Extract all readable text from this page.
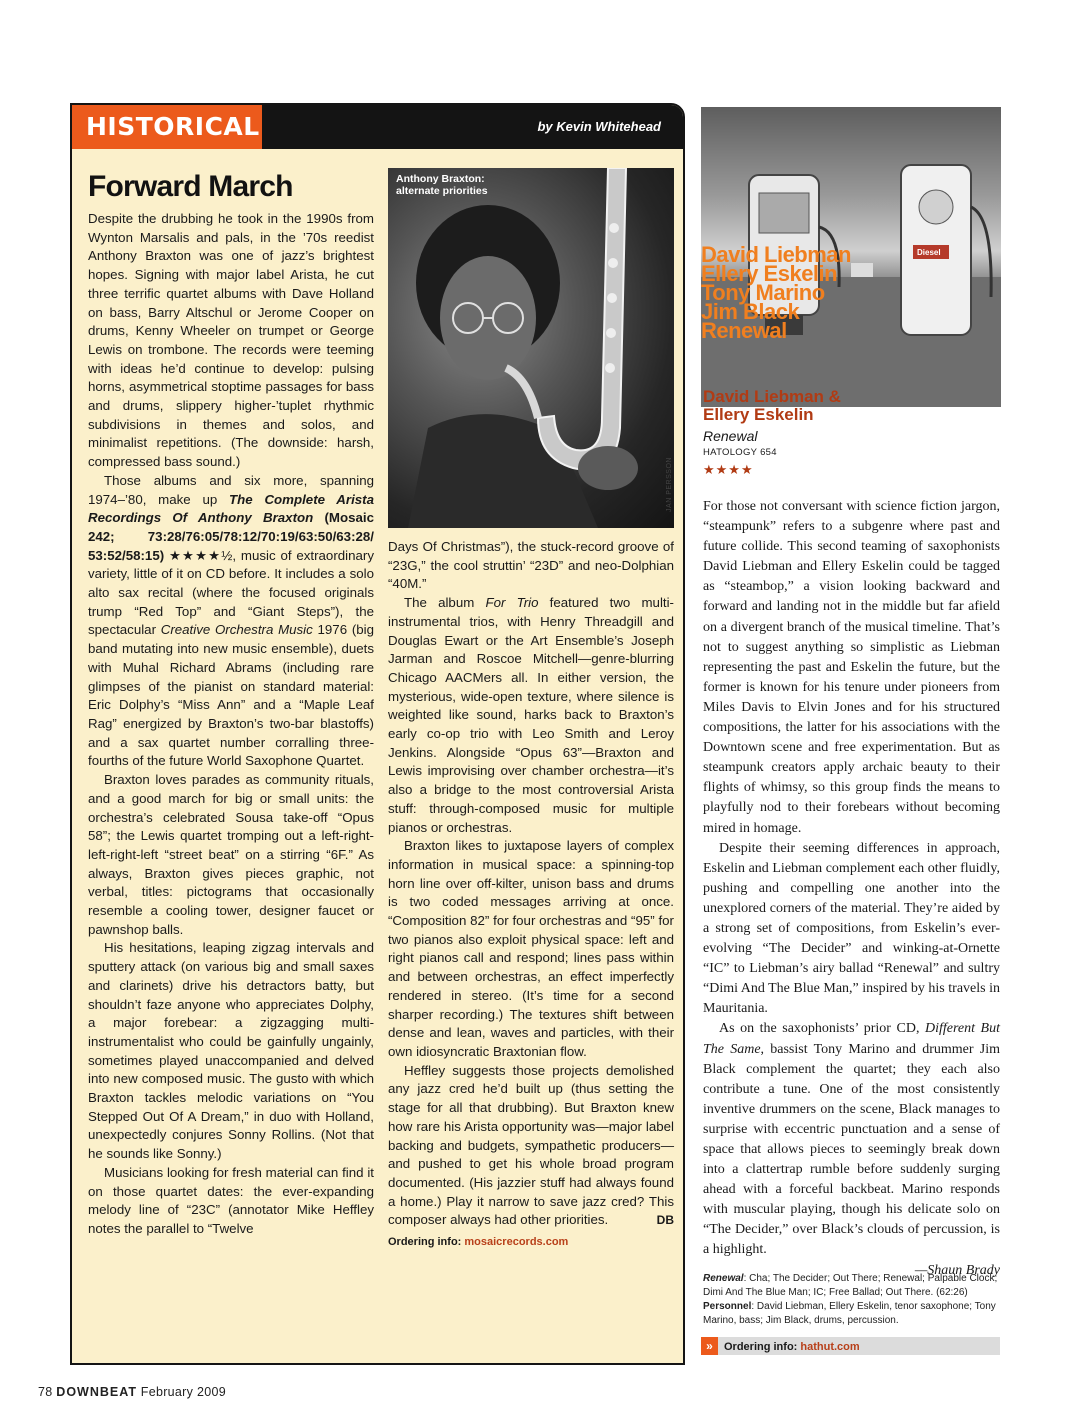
HISTORICAL	by Kevin Whitehead
Forward March

Despite the drubbing he took in the 1990s from Wynton Marsalis and pals, in the ’70s reedist Anthony Braxton was one of jazz’s brightest hopes. Signing with major label Arista, he cut three terrific quartet albums with Dave Holland on bass, Barry Altschul or Jerome Cooper on drums, Kenny Wheeler on trumpet or George Lewis on trombone. The records were teeming with ideas he’d continue to develop: pulsing horns, asymmetrical stoptime passages for bass and drums, slippery higher-’tuplet rhythmic subdivisions in themes and solos, and minimalist repetitions. (The downside: harsh, compressed bass sound.)

Those albums and six more, spanning 1974–’80, make up The Complete Arista Recordings Of Anthony Braxton (Mosaic 242; 73:28/76:05/78:12/70:19/63:50/63:28/ 53:52/58:15) ★★★★½, music of extraordinary variety, little of it on CD before. It includes a solo alto sax recital (where the focused originals trump “Red Top” and “Giant Steps”), the spectacular Creative Orchestra Music 1976 (big band mutating into new music ensemble), duets with Muhal Richard Abrams (including rare glimpses of the pianist on standard material: Eric Dolphy’s “Miss Ann” and a “Maple Leaf Rag” energized by Braxton’s two-bar blastoffs) and a sax quartet number corralling three-fourths of the future World Saxophone Quartet.

Braxton loves parades as community rituals, and a good march for big or small units: the orchestra’s celebrated Sousa take-off “Opus 58”; the Lewis quartet tromping out a left-right-left-right-left “street beat” on a stirring “6F.” As always, Braxton gives pieces graphic, not verbal, titles: pictograms that occasionally resemble a cooling tower, designer faucet or pawnshop balls.

His hesitations, leaping zigzag intervals and sputtery attack (on various big and small saxes and clarinets) drive his detractors batty, but shouldn’t faze anyone who appreciates Dolphy, a major forebear: a zigzagging multi-instrumentalist who could be gainfully ungainly, sometimes played unaccompanied and delved into new composed music. The gusto with which Braxton tackles melodic variations on “You Stepped Out Of A Dream,” in duo with Holland, unexpectedly conjures Sonny Rollins. (Not that he sounds like Sonny.)

Musicians looking for fresh material can find it on those quartet dates: the ever-expanding melody line of “23C” (annotator Mike Heffley notes the parallel to “Twelve

Anthony Braxton:
alternate priorities
JAN PERSSON

Days Of Christmas”), the stuck-record groove of “23G,” the cool struttin’ “23D” and neo-Dolphian “40M.”

The album For Trio featured two multi-instrumental trios, with Henry Threadgill and Douglas Ewart or the Art Ensemble’s Joseph Jarman and Roscoe Mitchell—genre-blurring Chicago AACMers all. In either version, the mysterious, wide-open texture, where silence is weighted like sound, harks back to Braxton’s early co-op trio with Leo Smith and Leroy Jenkins. Alongside “Opus 63”—Braxton and Lewis improvising over chamber orchestra—it’s also a bridge to the most controversial Arista stuff: through-composed music for multiple pianos or orchestras.

Braxton likes to juxtapose layers of complex information in musical space: a spinning-top horn line over off-kilter, unison bass and drums is two coded messages arriving at once. “Composition 82” for four orchestras and “95” for two pianos also exploit physical space: left and right pianos call and respond; lines pass within and between orchestras, an effect imperfectly rendered in stereo. (It’s time for a second sharper recording.) The textures shift between dense and lean, waves and particles, with their own idiosyncratic Braxtonian flow.

Heffley suggests those projects demolished any jazz cred he’d built up (thus setting the stage for all that drubbing). But Braxton knew how rare his Arista opportunity was—major label backing and budgets, sympathetic producers—and pushed to get his whole broad program documented. (His jazzier stuff had always found a home.) Play it narrow to save jazz cred? This composer always had other priorities.	DB

Ordering info: mosaicrecords.com
Diesel
David Liebman
Ellery Eskelin
Tony Marino
Jim Black
Renewal
David Liebman &
Ellery Eskelin
Renewal
HATOLOGY 654
★★★★

For those not conversant with science fiction jargon, “steampunk” refers to a subgenre where past and future collide. This second teaming of saxophonists David Liebman and Ellery Eskelin could be tagged as “steambop,” a vision looking backward and forward and landing not in the middle but far afield on a divergent branch of the musical timeline. That’s not to suggest anything so simplistic as Liebman representing the past and Eskelin the future, but the former is known for his tenure under pioneers from Miles Davis to Elvin Jones and for his structured compositions, the latter for his associations with the Downtown scene and free experimentation. But as steampunk creators apply archaic beauty to their flights of whimsy, so this group finds the means to playfully nod to their forebears without becoming mired in homage.

Despite their seeming differences in approach, Eskelin and Liebman complement each other fluidly, pushing and compelling one another into the unexplored corners of the material. They’re aided by a strong set of compositions, from Eskelin’s ever-evolving “The Decider” and winking-at-Ornette “IC” to Liebman’s airy ballad “Renewal” and sultry “Dimi And The Blue Man,” inspired by his travels in Mauritania.

As on the saxophonists’ prior CD, Different But The Same, bassist Tony Marino and drummer Jim Black complement the quartet; they each also contribute a tune. One of the most consistently inventive drummers on the scene, Black manages to surprise with eccentric punctuation and a sense of space that allows pieces to seemingly break down into a clattertrap rumble before suddenly surging ahead with a forceful backbeat. Marino responds with muscular playing, though his delicate solo on “The Decider,” over Black’s clouds of percussion, is a highlight.

—Shaun Brady
Renewal: Cha; The Decider; Out There; Renewal; Palpable Clock; Dimi And The Blue Man; IC; Free Ballad; Out There. (62:26)
Personnel: David Liebman, Ellery Eskelin, tenor saxophone; Tony Marino, bass; Jim Black, drums, percussion.
» Ordering info: hathut.com
78 DOWNBEAT February 2009
